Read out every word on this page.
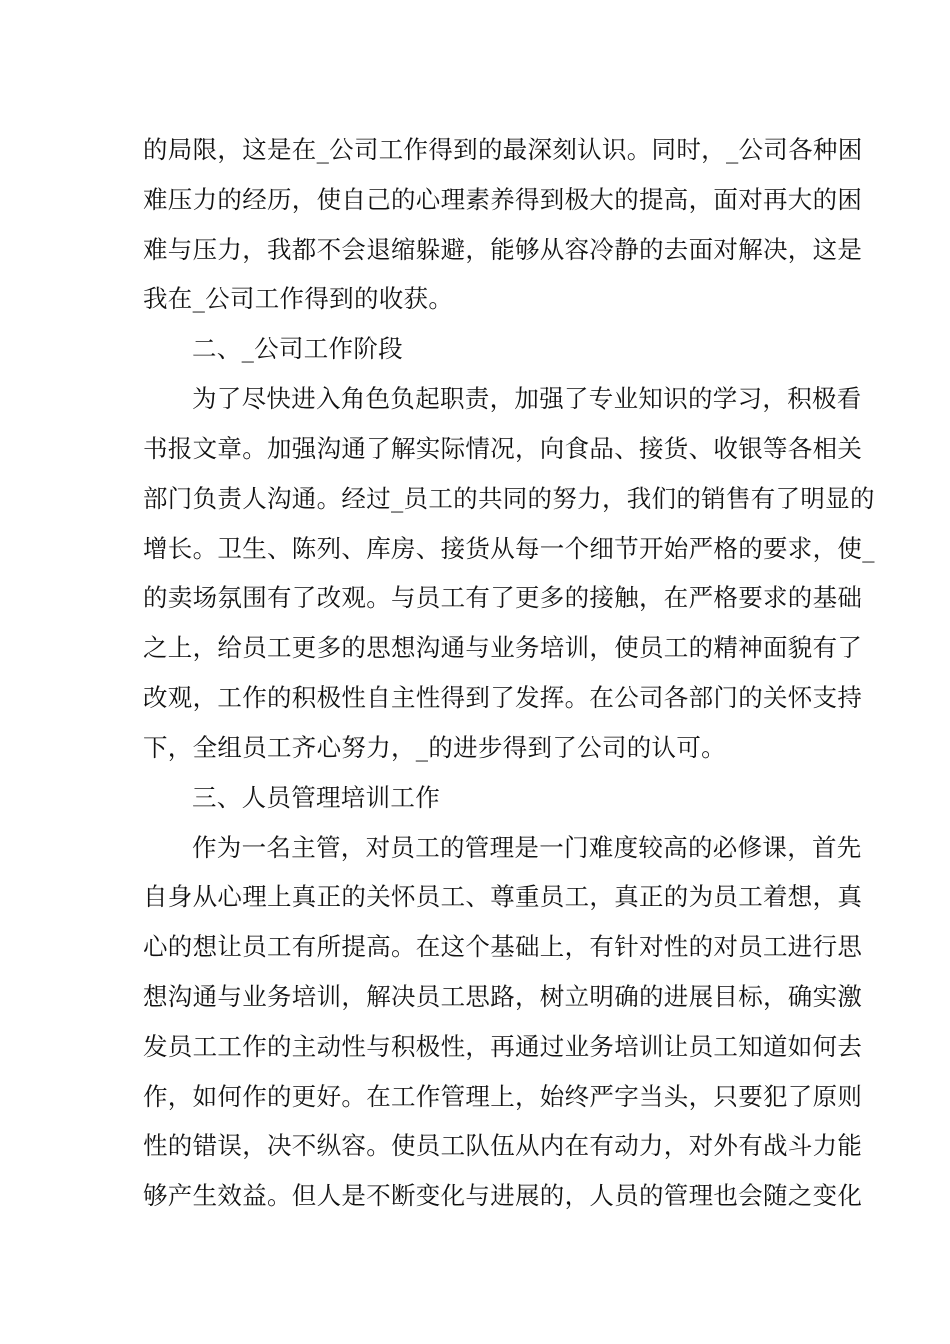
的局限，这是在_公司工作得到的最深刻认识。同时，_公司各种困
难压力的经历，使自己的心理素养得到极大的提高，面对再大的困
难与压力，我都不会退缩躲避，能够从容冷静的去面对解决，这是
我在_公司工作得到的收获。
二、_公司工作阶段
为了尽快进入角色负起职责，加强了专业知识的学习，积极看
书报文章。加强沟通了解实际情况，向食品、接货、收银等各相关
部门负责人沟通。经过_员工的共同的努力，我们的销售有了明显的
增长。卫生、陈列、库房、接货从每一个细节开始严格的要求，使_
的卖场氛围有了改观。与员工有了更多的接触，在严格要求的基础
之上，给员工更多的思想沟通与业务培训，使员工的精神面貌有了
改观，工作的积极性自主性得到了发挥。在公司各部门的关怀支持
下，全组员工齐心努力，_的进步得到了公司的认可。
三、人员管理培训工作
作为一名主管，对员工的管理是一门难度较高的必修课，首先
自身从心理上真正的关怀员工、尊重员工，真正的为员工着想，真
心的想让员工有所提高。在这个基础上，有针对性的对员工进行思
想沟通与业务培训，解决员工思路，树立明确的进展目标，确实激
发员工工作的主动性与积极性，再通过业务培训让员工知道如何去
作，如何作的更好。在工作管理上，始终严字当头，只要犯了原则
性的错误，决不纵容。使员工队伍从内在有动力，对外有战斗力能
够产生效益。但人是不断变化与进展的，人员的管理也会随之变化
